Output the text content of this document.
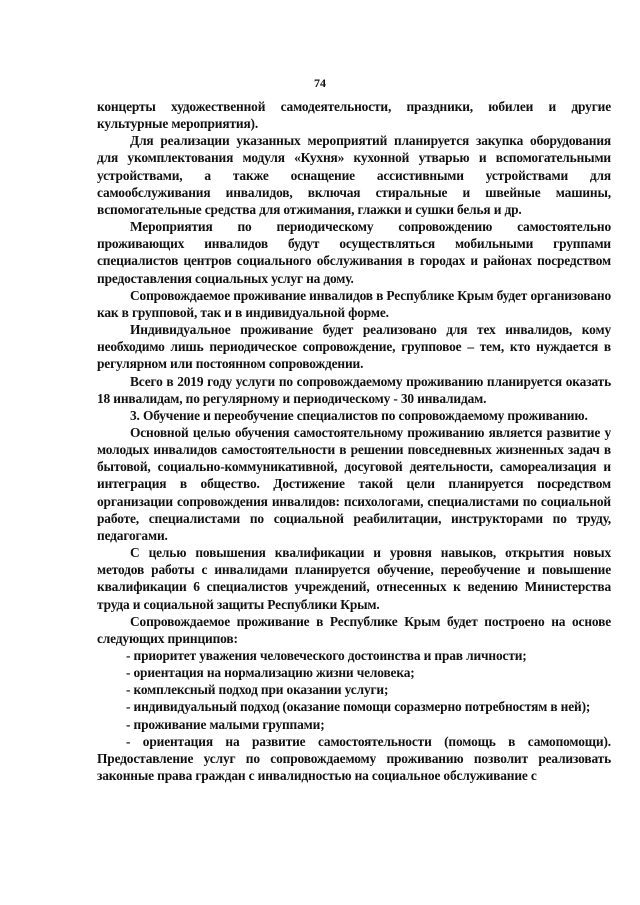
74

концерты художественной самодеятельности, праздники, юбилеи и другие культурные мероприятия).

Для реализации указанных мероприятий планируется закупка оборудования для укомплектования модуля «Кухня» кухонной утварью и вспомогательными устройствами, а также оснащение ассистивными устройствами для самообслуживания инвалидов, включая стиральные и швейные машины, вспомогательные средства для отжимания, глажки и сушки белья и др.

Мероприятия по периодическому сопровождению самостоятельно проживающих инвалидов будут осуществляться мобильными группами специалистов центров социального обслуживания в городах и районах посредством предоставления социальных услуг на дому.

Сопровождаемое проживание инвалидов в Республике Крым будет организовано как в групповой, так и в индивидуальной форме.

Индивидуальное проживание будет реализовано для тех инвалидов, кому необходимо лишь периодическое сопровождение, групповое – тем, кто нуждается в регулярном или постоянном сопровождении.

Всего в 2019 году услуги по сопровождаемому проживанию планируется оказать 18 инвалидам, по регулярному и периодическому - 30 инвалидам.

3. Обучение и переобучение специалистов по сопровождаемому проживанию.

Основной целью обучения самостоятельному проживанию является развитие у молодых инвалидов самостоятельности в решении повседневных жизненных задач в бытовой, социально-коммуникативной, досуговой деятельности, самореализация и интеграция в общество. Достижение такой цели планируется посредством организации сопровождения инвалидов: психологами, специалистами по социальной работе, специалистами по социальной реабилитации, инструкторами по труду, педагогами.

С целью повышения квалификации и уровня навыков, открытия новых методов работы с инвалидами планируется обучение, переобучение и повышение квалификации 6 специалистов учреждений, отнесенных к ведению Министерства труда и социальной защиты Республики Крым.

Сопровождаемое проживание в Республике Крым будет построено на основе следующих принципов:

- приоритет уважения человеческого достоинства и прав личности;
- ориентация на нормализацию жизни человека;
- комплексный подход при оказании услуги;
- индивидуальный подход (оказание помощи соразмерно потребностям в ней);
- проживание малыми группами;
- ориентация на развитие самостоятельности (помощь в самопомощи).

Предоставление услуг по сопровождаемому проживанию позволит реализовать законные права граждан с инвалидностью на социальное обслуживание с
